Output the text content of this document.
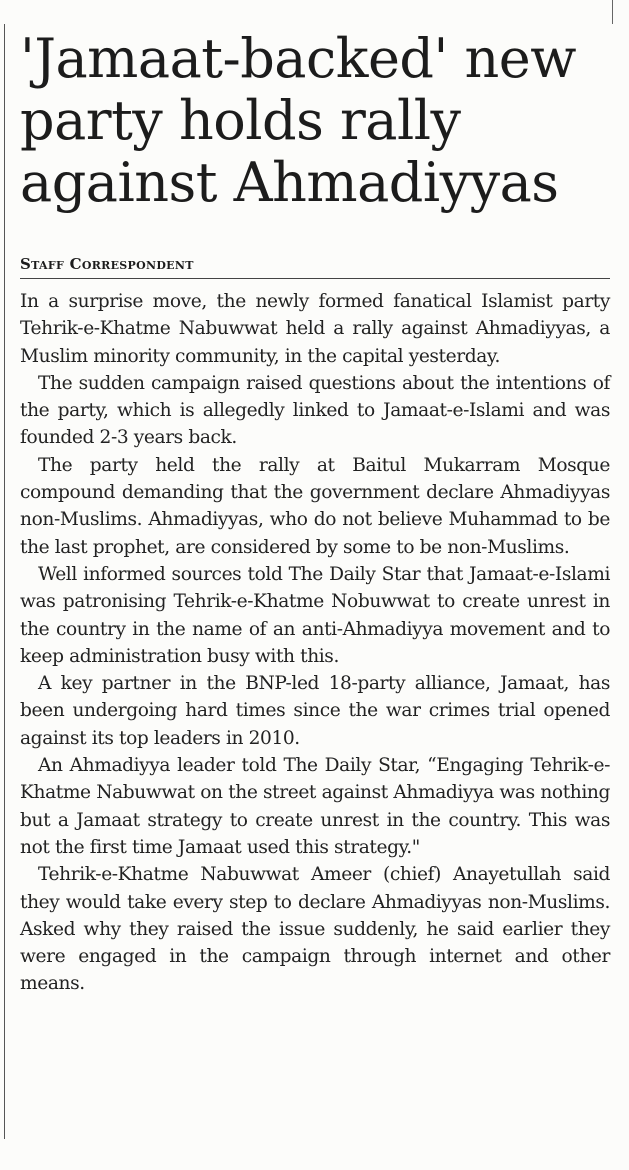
'Jamaat-backed' new party holds rally against Ahmadiyyas
Staff Correspondent

In a surprise move, the newly formed fanatical Islamist party Tehrik-e-Khatme Nabuwwat held a rally against Ahmadiyyas, a Muslim minority community, in the capital yesterday.

The sudden campaign raised questions about the intentions of the party, which is allegedly linked to Jamaat-e-Islami and was founded 2-3 years back.

The party held the rally at Baitul Mukarram Mosque compound demanding that the government declare Ahmadiyyas non-Muslims. Ahmadiyyas, who do not believe Muhammad to be the last prophet, are considered by some to be non-Muslims.

Well informed sources told The Daily Star that Jamaat-e-Islami was patronising Tehrik-e-Khatme Nobuwwat to create unrest in the country in the name of an anti-Ahmadiyya movement and to keep administration busy with this.

A key partner in the BNP-led 18-party alliance, Jamaat, has been undergoing hard times since the war crimes trial opened against its top leaders in 2010.

An Ahmadiyya leader told The Daily Star, “Engaging Tehrik-e-Khatme Nabuwwat on the street against Ahmadiyya was nothing but a Jamaat strategy to create unrest in the country. This was not the first time Jamaat used this strategy."

Tehrik-e-Khatme Nabuwwat Ameer (chief) Anayetullah said they would take every step to declare Ahmadiyyas non-Muslims. Asked why they raised the issue suddenly, he said earlier they were engaged in the campaign through internet and other means.
